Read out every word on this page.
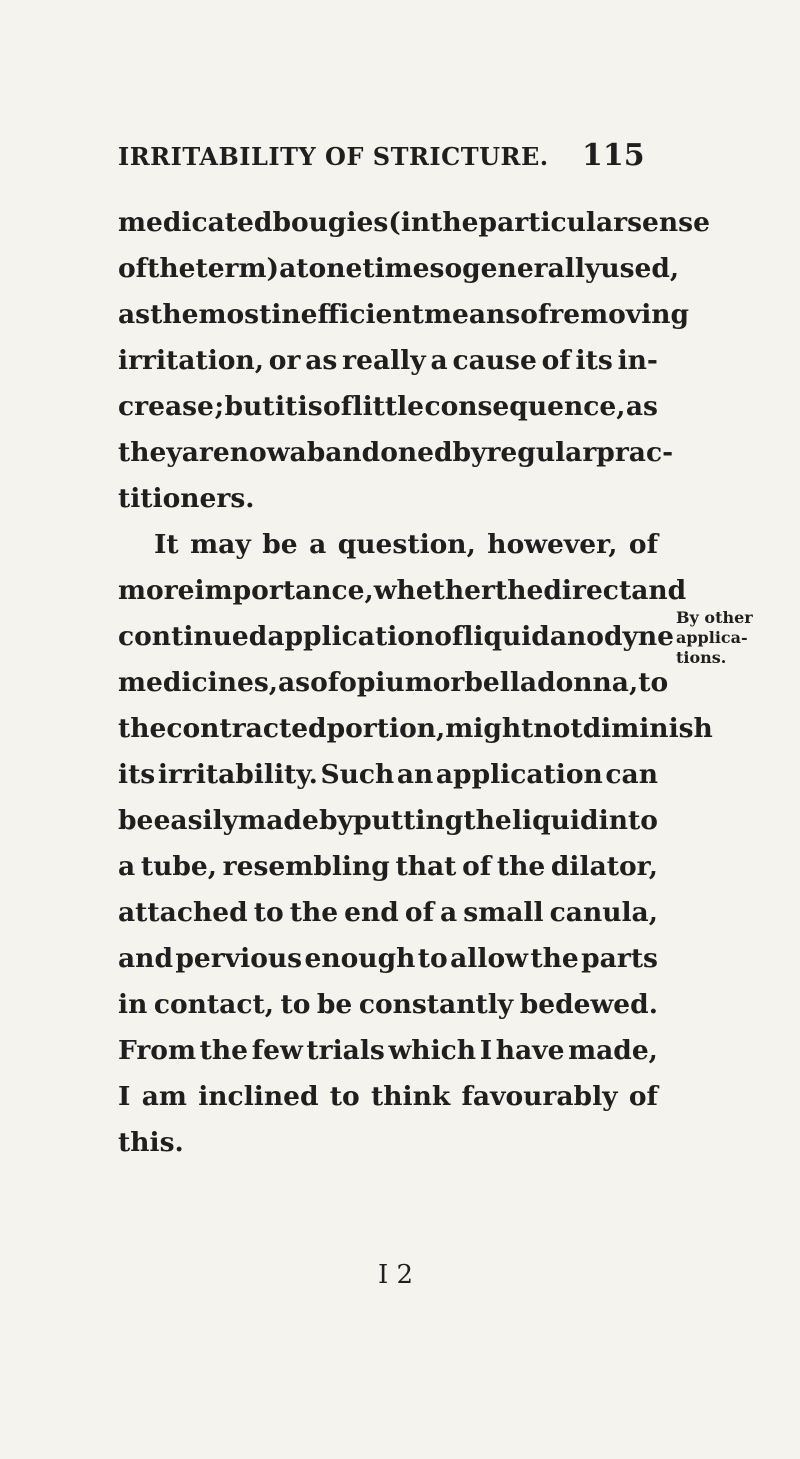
IRRITABILITY OF STRICTURE. 115
medicated bougies (in the particular sense
of the term) at one time so generally used,
as the most inefficient means of removing
irritation, or as really a cause of its in-
crease ; but it is of little consequence, as
they are now abandoned by regular prac-
titioners.
It may be a question, however, of
more importance, whether the direct and
continued application of liquid anodyne
medicines, as of opium or belladonna, to
the contracted portion, might not diminish
its irritability. Such an application can
be easily made by putting the liquid into
a tube, resembling that of the dilator,
attached to the end of a small canula,
and pervious enough to allow the parts
in contact, to be constantly bedewed.
From the few trials which I have made,
I am inclined to think favourably of
this.
By other
applica-
tions.
I 2
